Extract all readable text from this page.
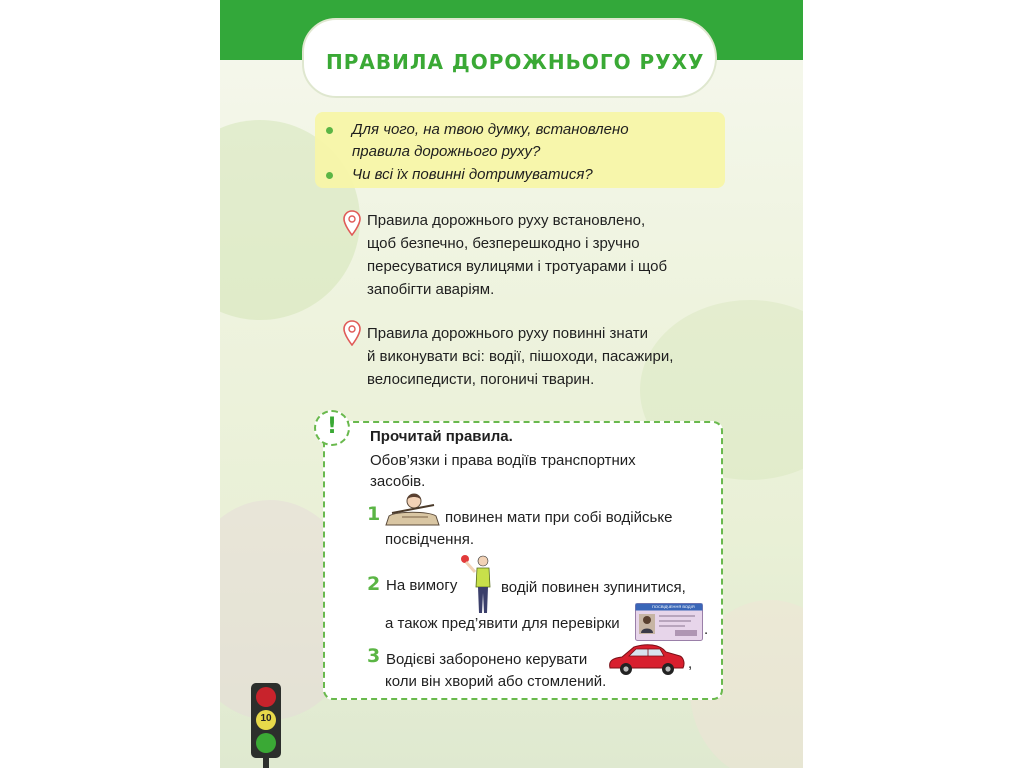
ПРАВИЛА ДОРОЖНЬОГО РУХУ
Для чого, на твою думку, встановлено
правила дорожнього руху?
Чи всі їх повинні дотримуватися?
Правила дорожнього руху встановлено,
щоб безпечно, безперешкодно і зручно
пересуватися вулицями і тротуарами і щоб
запобігти аваріям.
Правила дорожнього руху повинні знати
й виконувати всі: водії, пішоходи, пасажири,
велосипедисти, погоничі тварин.
!	Прочитай правила.
Обов’язки і права водіїв транспортних
засобів.
1	повинен мати при собі водійське
посвідчення.
2 На вимогу	водій повинен зупинитися,
а також пред’явити для перевірки
ПОСВІДЧЕННЯ ВОДІЯ
.
3 Водієві заборонено керувати	,
коли він хворий або стомлений.
10
